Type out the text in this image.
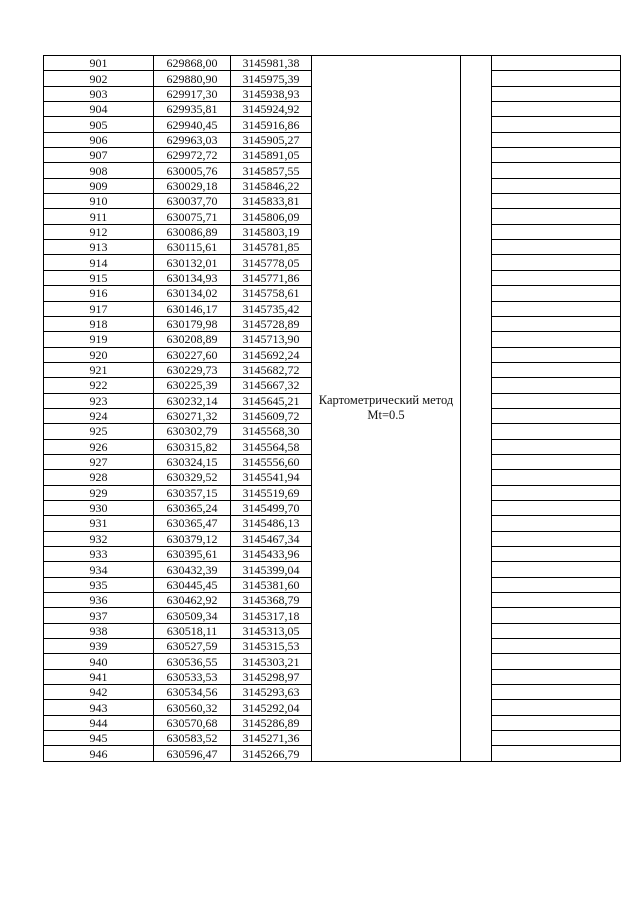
901	629868,00	3145981,38	Картометрический метод Mt=0.5		
902	629880,90	3145975,39			
903	629917,30	3145938,93			
904	629935,81	3145924,92			
905	629940,45	3145916,86			
906	629963,03	3145905,27			
907	629972,72	3145891,05			
908	630005,76	3145857,55			
909	630029,18	3145846,22			
910	630037,70	3145833,81			
911	630075,71	3145806,09			
912	630086,89	3145803,19			
913	630115,61	3145781,85			
914	630132,01	3145778,05			
915	630134,93	3145771,86			
916	630134,02	3145758,61			
917	630146,17	3145735,42			
918	630179,98	3145728,89			
919	630208,89	3145713,90			
920	630227,60	3145692,24			
921	630229,73	3145682,72			
922	630225,39	3145667,32			
923	630232,14	3145645,21			
924	630271,32	3145609,72			
925	630302,79	3145568,30			
926	630315,82	3145564,58			
927	630324,15	3145556,60			
928	630329,52	3145541,94			
929	630357,15	3145519,69			
930	630365,24	3145499,70			
931	630365,47	3145486,13			
932	630379,12	3145467,34			
933	630395,61	3145433,96			
934	630432,39	3145399,04			
935	630445,45	3145381,60			
936	630462,92	3145368,79			
937	630509,34	3145317,18			
938	630518,11	3145313,05			
939	630527,59	3145315,53			
940	630536,55	3145303,21			
941	630533,53	3145298,97			
942	630534,56	3145293,63			
943	630560,32	3145292,04			
944	630570,68	3145286,89			
945	630583,52	3145271,36			
946	630596,47	3145266,79			
